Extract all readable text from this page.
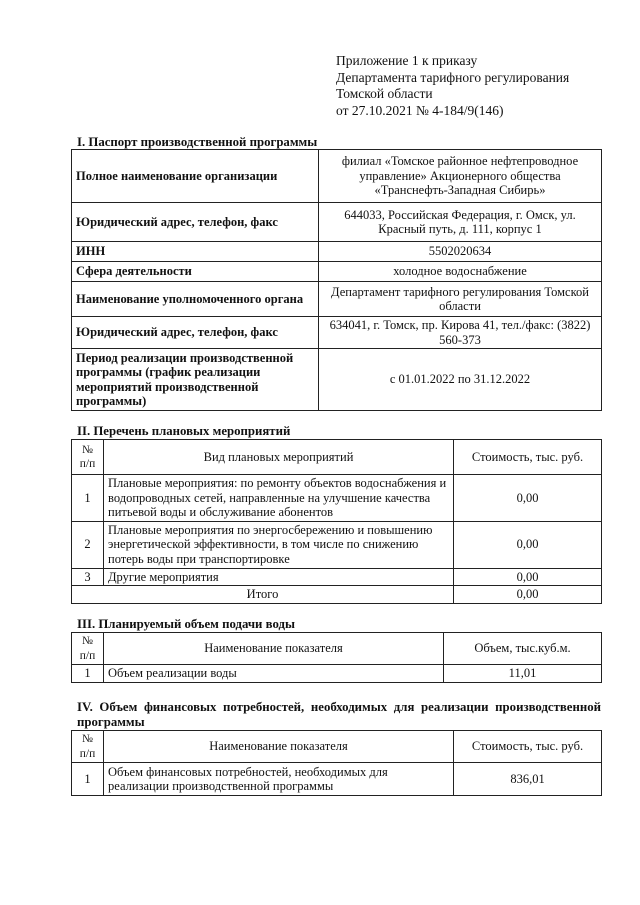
Приложение 1 к приказу
Департамента тарифного регулирования
Томской области
от 27.10.2021 № 4-184/9(146)
I. Паспорт производственной программы
Полное наименование организации	филиал «Томское районное нефтепроводное управление» Акционерного общества «Транснефть-Западная Сибирь»
Юридический адрес, телефон, факс	644033, Российская Федерация, г. Омск, ул. Красный путь, д. 111, корпус 1
ИНН	5502020634
Сфера деятельности	холодное водоснабжение
Наименование уполномоченного органа	Департамент тарифного регулирования Томской области
Юридический адрес, телефон, факс	634041, г. Томск, пр. Кирова 41, тел./факс: (3822) 560-373
Период реализации производственной программы (график реализации мероприятий производственной программы)	с 01.01.2022 по 31.12.2022
II. Перечень плановых мероприятий
№ п/п	Вид плановых мероприятий	Стоимость, тыс. руб.
1	Плановые мероприятия: по ремонту объектов водоснабжения и водопроводных сетей, направленные на улучшение качества питьевой воды и обслуживание абонентов	0,00
2	Плановые мероприятия по энергосбережению и повышению энергетической эффективности, в том числе по снижению потерь воды при транспортировке	0,00
3	Другие мероприятия	0,00
Итого		0,00
III. Планируемый объем подачи воды
№ п/п	Наименование показателя	Объем, тыс.куб.м.
1	Объем реализации воды	11,01
IV. Объем финансовых потребностей, необходимых для реализации производственной программы
№ п/п	Наименование показателя	Стоимость, тыс. руб.
1	Объем финансовых потребностей, необходимых для реализации производственной программы	836,01
